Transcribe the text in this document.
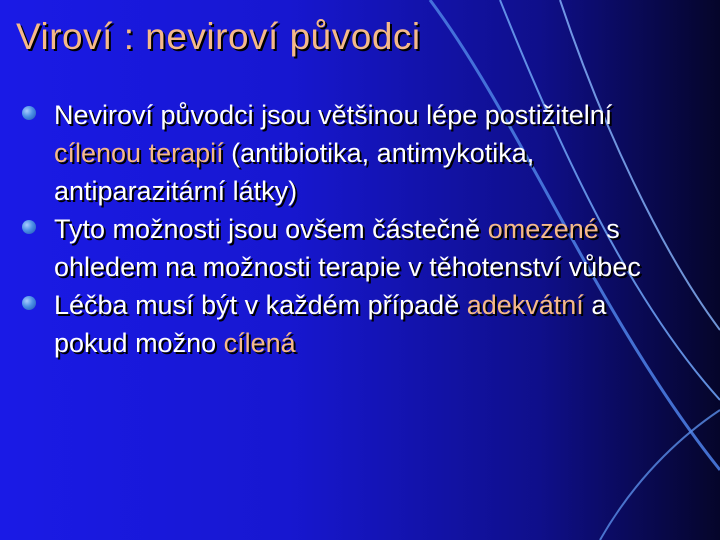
Viroví : neviroví původci
Neviroví původci jsou většinou lépe postižitelní cílenou terapií (antibiotika, antimykotika, antiparazitární látky)
Tyto možnosti jsou ovšem částečně omezené s ohledem na možnosti terapie v těhotenství vůbec
Léčba musí být v každém případě adekvátní a pokud možno cílená
